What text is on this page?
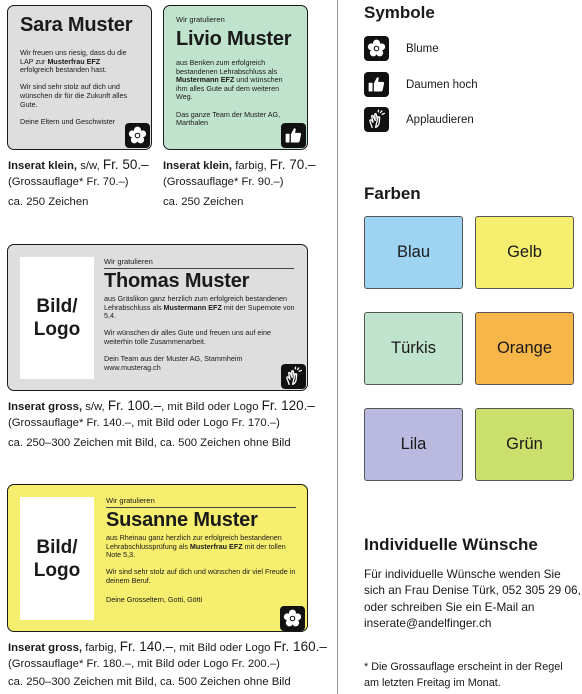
Sara Muster

Wir freuen uns riesig, dass du die LAP zur Musterfrau EFZ erfolgreich bestanden hast.

Wir sind sehr stolz auf dich und wünschen dir für die Zukunft alles Gute.

Deine Eltern und Geschwister

Wir gratulieren
Livio Muster

aus Benken zum erfolgreich bestandenen Lehrabschluss als Mustermann EFZ und wünschen ihm alles Gute auf dem weiteren Weg.

Das ganze Team der Muster AG, Marthalen

Inserat klein, s/w, Fr. 50.–
(Grossauflage* Fr. 70.–)
ca. 250 Zeichen
Inserat klein, farbig, Fr. 70.–
(Grossauflage* Fr. 90.–)
ca. 250 Zeichen
Bild/
Logo
Wir gratulieren
Thomas Muster

aus Gräslikon ganz herzlich zum erfolgreich bestandenen Lehrabschluss als Mustermann EFZ mit der Supernote von 5,4.

Wir wünschen dir alles Gute und freuen uns auf eine weiterhin tolle Zusammenarbeit.

Dein Team aus der Muster AG, Stammheim
www.musterag.ch
Inserat gross, s/w, Fr. 100.–, mit Bild oder Logo Fr. 120.–
(Grossauflage* Fr. 140.–, mit Bild oder Logo Fr. 170.–)
ca. 250–300 Zeichen mit Bild, ca. 500 Zeichen ohne Bild
Bild/
Logo
Wir gratulieren
Susanne Muster

aus Rheinau ganz herzlich zur erfolgreich bestandenen Lehrabschlussprüfung als Musterfrau EFZ mit der tollen Note 5,3.

Wir sind sehr stolz auf dich und wünschen dir viel Freude in deinem Beruf.

Deine Grosseltern, Gotti, Götti
Inserat gross, farbig, Fr. 140.–, mit Bild oder Logo Fr. 160.–
(Grossauflage* Fr. 180.–, mit Bild oder Logo Fr. 200.–)
ca. 250–300 Zeichen mit Bild, ca. 500 Zeichen ohne Bild
Symbole
Blume
Daumen hoch
Applaudieren
Farben
Blau	Gelb
Türkis	Orange
Lila	Grün
Individuelle Wünsche
Für individuelle Wünsche wenden Sie
sich an Frau Denise Türk, 052 305 29 06,
oder schreiben Sie ein E-Mail an
inserate@andelfinger.ch
* Die Grossauflage erscheint in der Regel
am letzten Freitag im Monat.
